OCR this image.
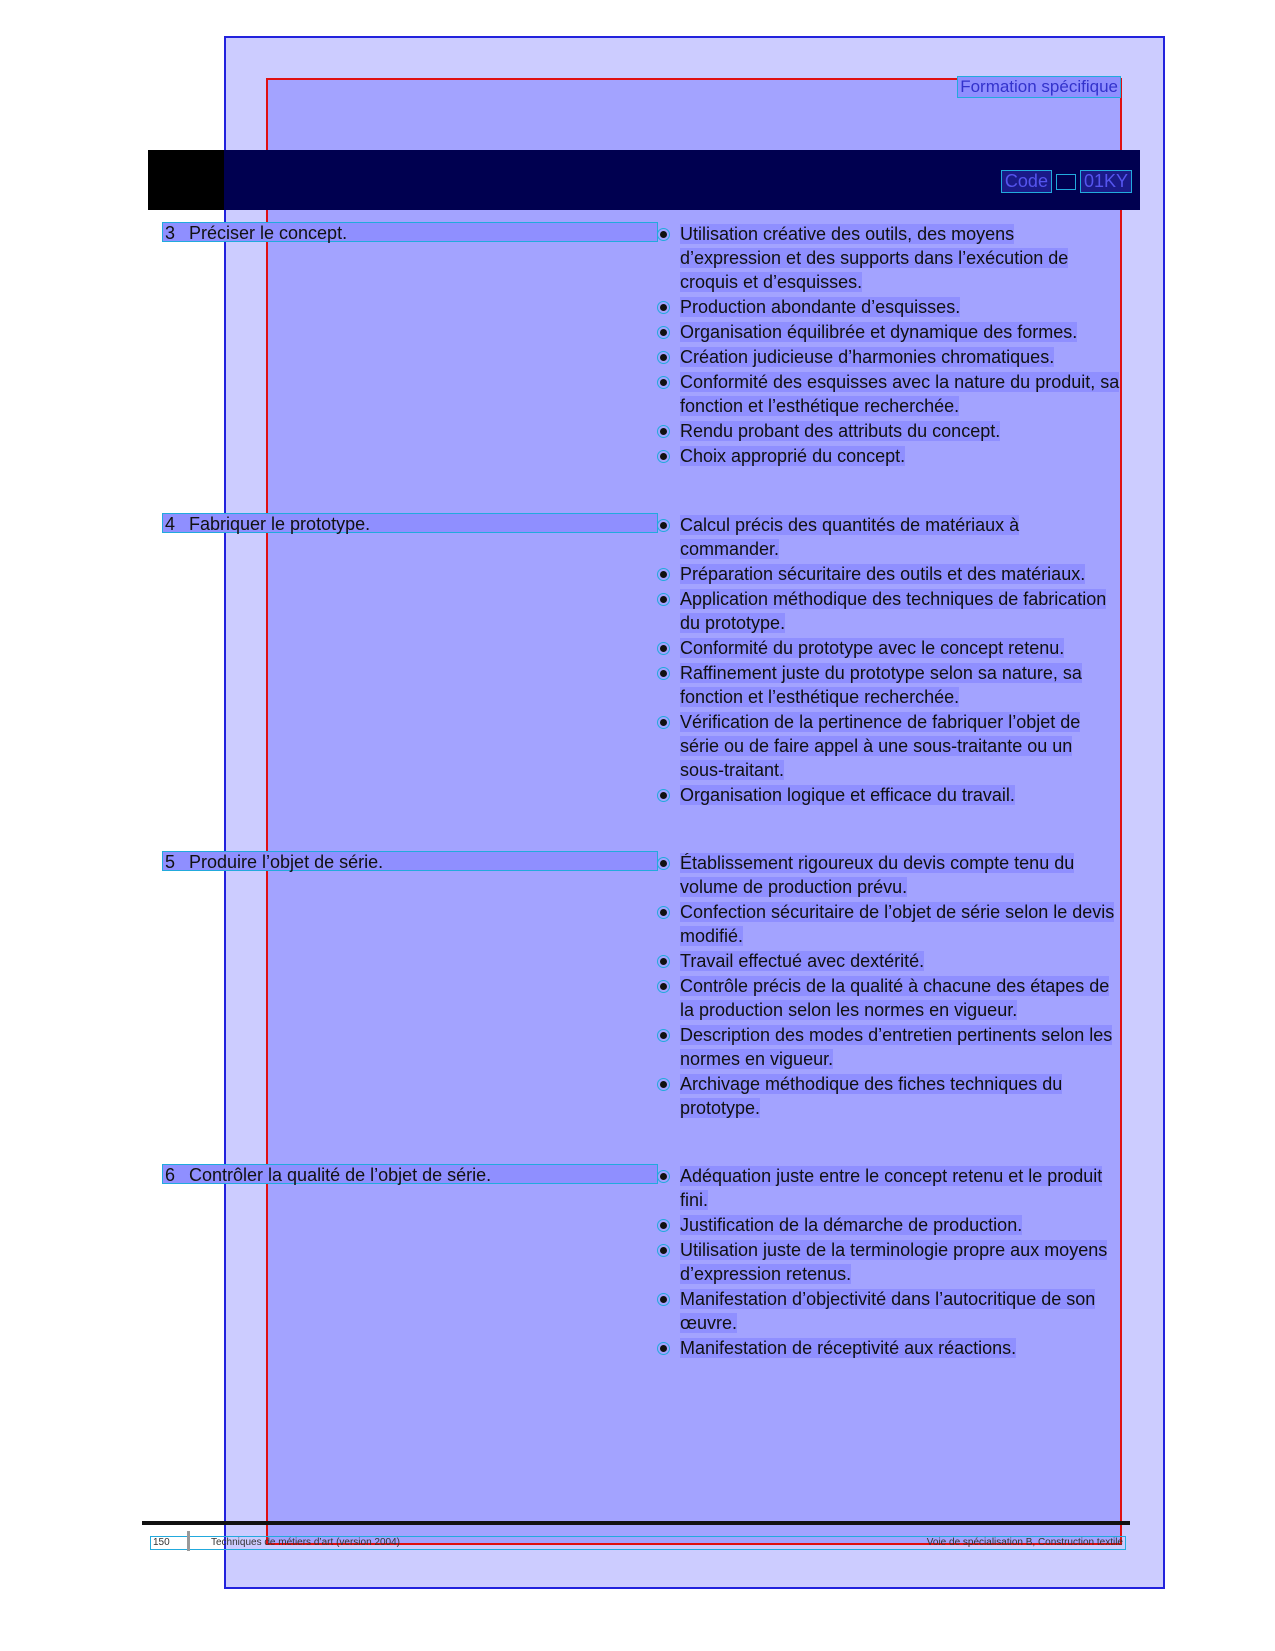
Formation spécifique
Code 01KY
3 Préciser le concept.	Utilisation créative des outils, des moyens d’expression et des supports dans l’exécution de croquis et d’esquisses.
Production abondante d’esquisses.
Organisation équilibrée et dynamique des formes.
Création judicieuse d’harmonies chromatiques.
Conformité des esquisses avec la nature du produit, sa fonction et l’esthétique recherchée.
Rendu probant des attributs du concept.
Choix approprié du concept.
4 Fabriquer le prototype.	Calcul précis des quantités de matériaux à commander.
Préparation sécuritaire des outils et des matériaux.
Application méthodique des techniques de fabrication du prototype.
Conformité du prototype avec le concept retenu.
Raffinement juste du prototype selon sa nature, sa fonction et l’esthétique recherchée.
Vérification de la pertinence de fabriquer l’objet de série ou de faire appel à une sous-traitante ou un sous-traitant.
Organisation logique et efficace du travail.
5 Produire l’objet de série.	Établissement rigoureux du devis compte tenu du volume de production prévu.
Confection sécuritaire de l’objet de série selon le devis modifié.
Travail effectué avec dextérité.
Contrôle précis de la qualité à chacune des étapes de la production selon les normes en vigueur.
Description des modes d’entretien pertinents selon les normes en vigueur.
Archivage méthodique des fiches techniques du prototype.
6 Contrôler la qualité de l’objet de série.	Adéquation juste entre le concept retenu et le produit fini.
Justification de la démarche de production.
Utilisation juste de la terminologie propre aux moyens d’expression retenus.
Manifestation d’objectivité dans l’autocritique de son œuvre.
Manifestation de réceptivité aux réactions.
150	Techniques de métiers d’art (version 2004)	Voie de spécialisation B, Construction textile
